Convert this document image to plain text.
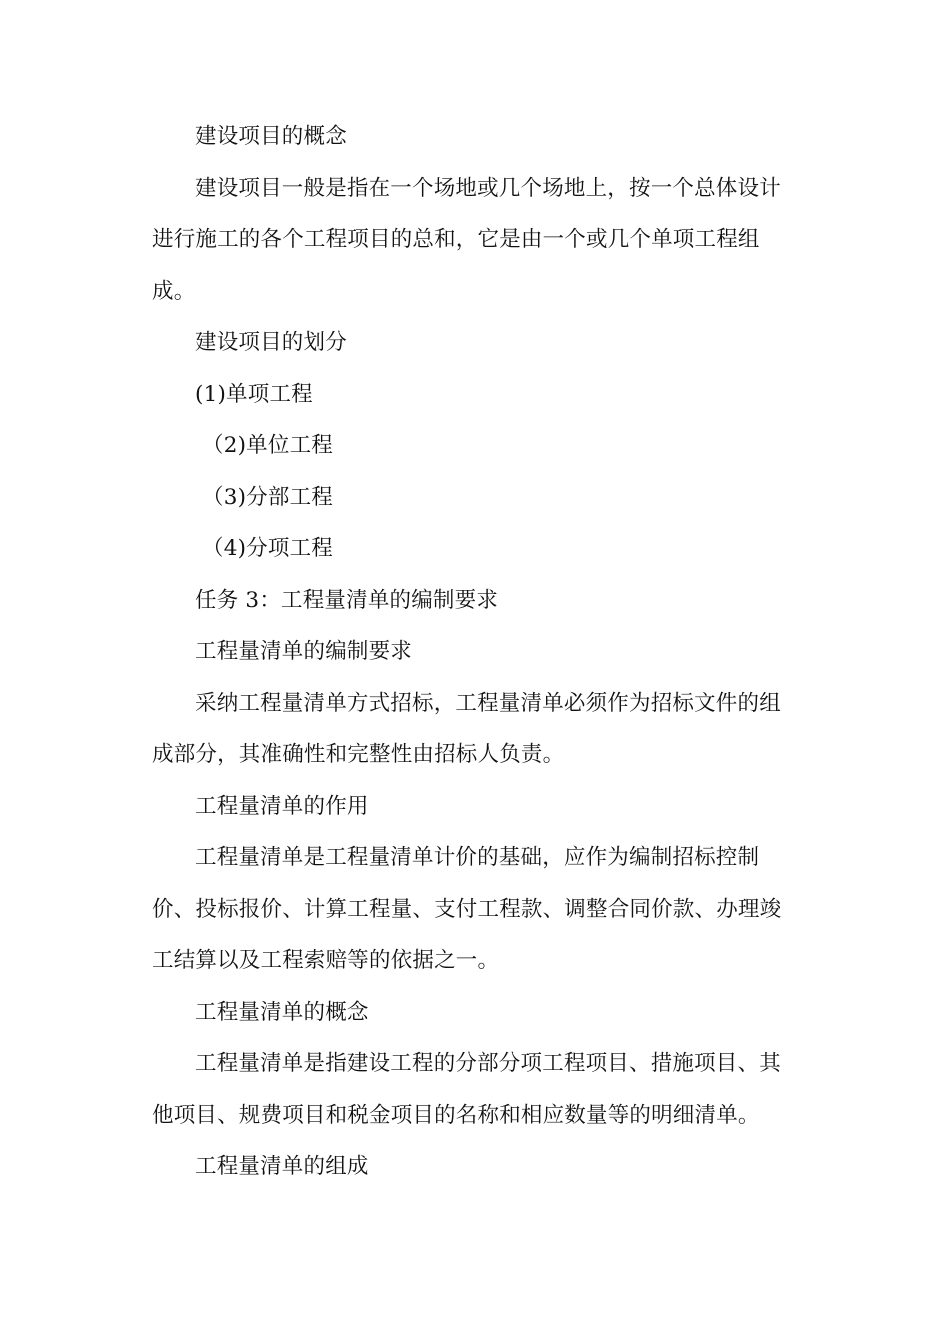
建设项目的概念

建设项目一般是指在一个场地或几个场地上，按一个总体设计进行施工的各个工程项目的总和，它是由一个或几个单项工程组成。

建设项目的划分

(1)单项工程

（2)单位工程

（3)分部工程

（4)分项工程

任务 3：工程量清单的编制要求

工程量清单的编制要求

采纳工程量清单方式招标，工程量清单必须作为招标文件的组成部分，其准确性和完整性由招标人负责。

工程量清单的作用

工程量清单是工程量清单计价的基础，应作为编制招标控制价、投标报价、计算工程量、支付工程款、调整合同价款、办理竣工结算以及工程索赔等的依据之一。

工程量清单的概念

工程量清单是指建设工程的分部分项工程项目、措施项目、其他项目、规费项目和税金项目的名称和相应数量等的明细清单。

工程量清单的组成
